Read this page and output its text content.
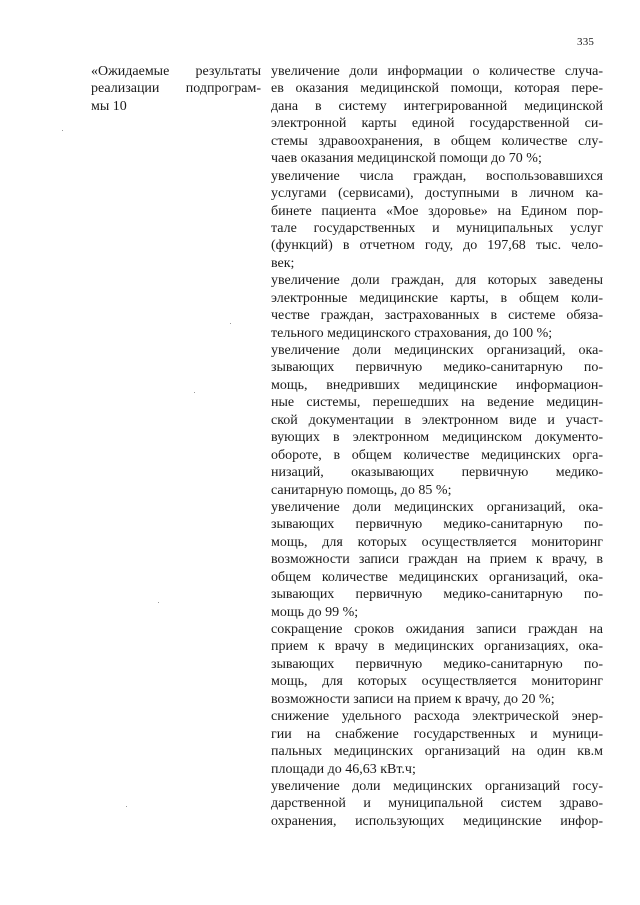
335
«Ожидаемые результаты
реализации подпрограм-
мы 10
увеличение доли информации о количестве случа-
ев оказания медицинской помощи, которая пере-
дана в систему интегрированной медицинской
электронной карты единой государственной си-
стемы здравоохранения, в общем количестве слу-
чаев оказания медицинской помощи до 70 %;
увеличение числа граждан, воспользовавшихся
услугами (сервисами), доступными в личном ка-
бинете пациента «Мое здоровье» на Едином пор-
тале государственных и муниципальных услуг
(функций) в отчетном году, до 197,68 тыс. чело-
век;
увеличение доли граждан, для которых заведены
электронные медицинские карты, в общем коли-
честве граждан, застрахованных в системе обяза-
тельного медицинского страхования, до 100 %;
увеличение доли медицинских организаций, ока-
зывающих первичную медико-санитарную по-
мощь, внедривших медицинские информацион-
ные системы, перешедших на ведение медицин-
ской документации в электронном виде и участ-
вующих в электронном медицинском документо-
обороте, в общем количестве медицинских орга-
низаций, оказывающих первичную медико-
санитарную помощь, до 85 %;
увеличение доли медицинских организаций, ока-
зывающих первичную медико-санитарную по-
мощь, для которых осуществляется мониторинг
возможности записи граждан на прием к врачу, в
общем количестве медицинских организаций, ока-
зывающих первичную медико-санитарную по-
мощь до 99 %;
сокращение сроков ожидания записи граждан на
прием к врачу в медицинских организациях, ока-
зывающих первичную медико-санитарную по-
мощь, для которых осуществляется мониторинг
возможности записи на прием к врачу, до 20 %;
снижение удельного расхода электрической энер-
гии на снабжение государственных и муници-
пальных медицинских организаций на один кв.м
площади до 46,63 кВт.ч;
увеличение доли медицинских организаций госу-
дарственной и муниципальной систем здраво-
охранения, использующих медицинские инфор-
